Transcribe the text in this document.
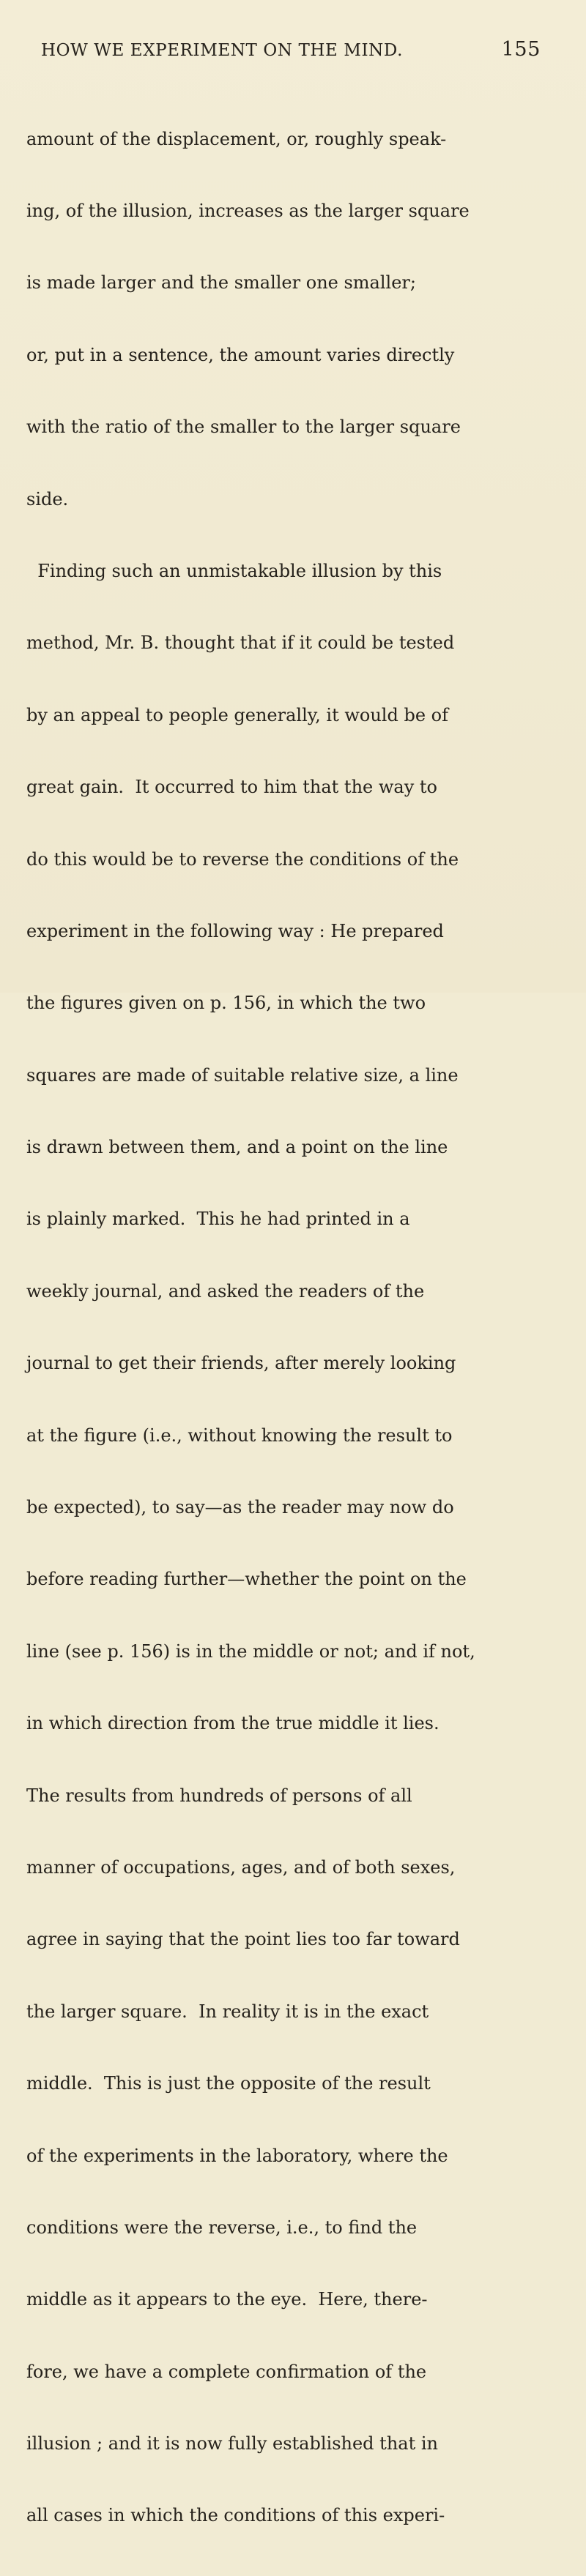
HOW WE EXPERIMENT ON THE MIND.	155

amount of the displacement, or, roughly speak-

ing, of the illusion, increases as the larger square

is made larger and the smaller one smaller;

or, put in a sentence, the amount varies directly

with the ratio of the smaller to the larger square

side.

Finding such an unmistakable illusion by this

method, Mr. B. thought that if it could be tested

by an appeal to people generally, it would be of

great gain.  It occurred to him that the way to

do this would be to reverse the conditions of the

experiment in the following way : He prepared

the figures given on p. 156, in which the two

squares are made of suitable relative size, a line

is drawn between them, and a point on the line

is plainly marked.  This he had printed in a

weekly journal, and asked the readers of the

journal to get their friends, after merely looking

at the figure (i.e., without knowing the result to

be expected), to say—as the reader may now do

before reading further—whether the point on the

line (see p. 156) is in the middle or not; and if not,

in which direction from the true middle it lies.

The results from hundreds of persons of all

manner of occupations, ages, and of both sexes,

agree in saying that the point lies too far toward

the larger square.  In reality it is in the exact

middle.  This is just the opposite of the result

of the experiments in the laboratory, where the

conditions were the reverse, i.e., to find the

middle as it appears to the eye.  Here, there-

fore, we have a complete confirmation of the

illusion ; and it is now fully established that in

all cases in which the conditions of this experi-
